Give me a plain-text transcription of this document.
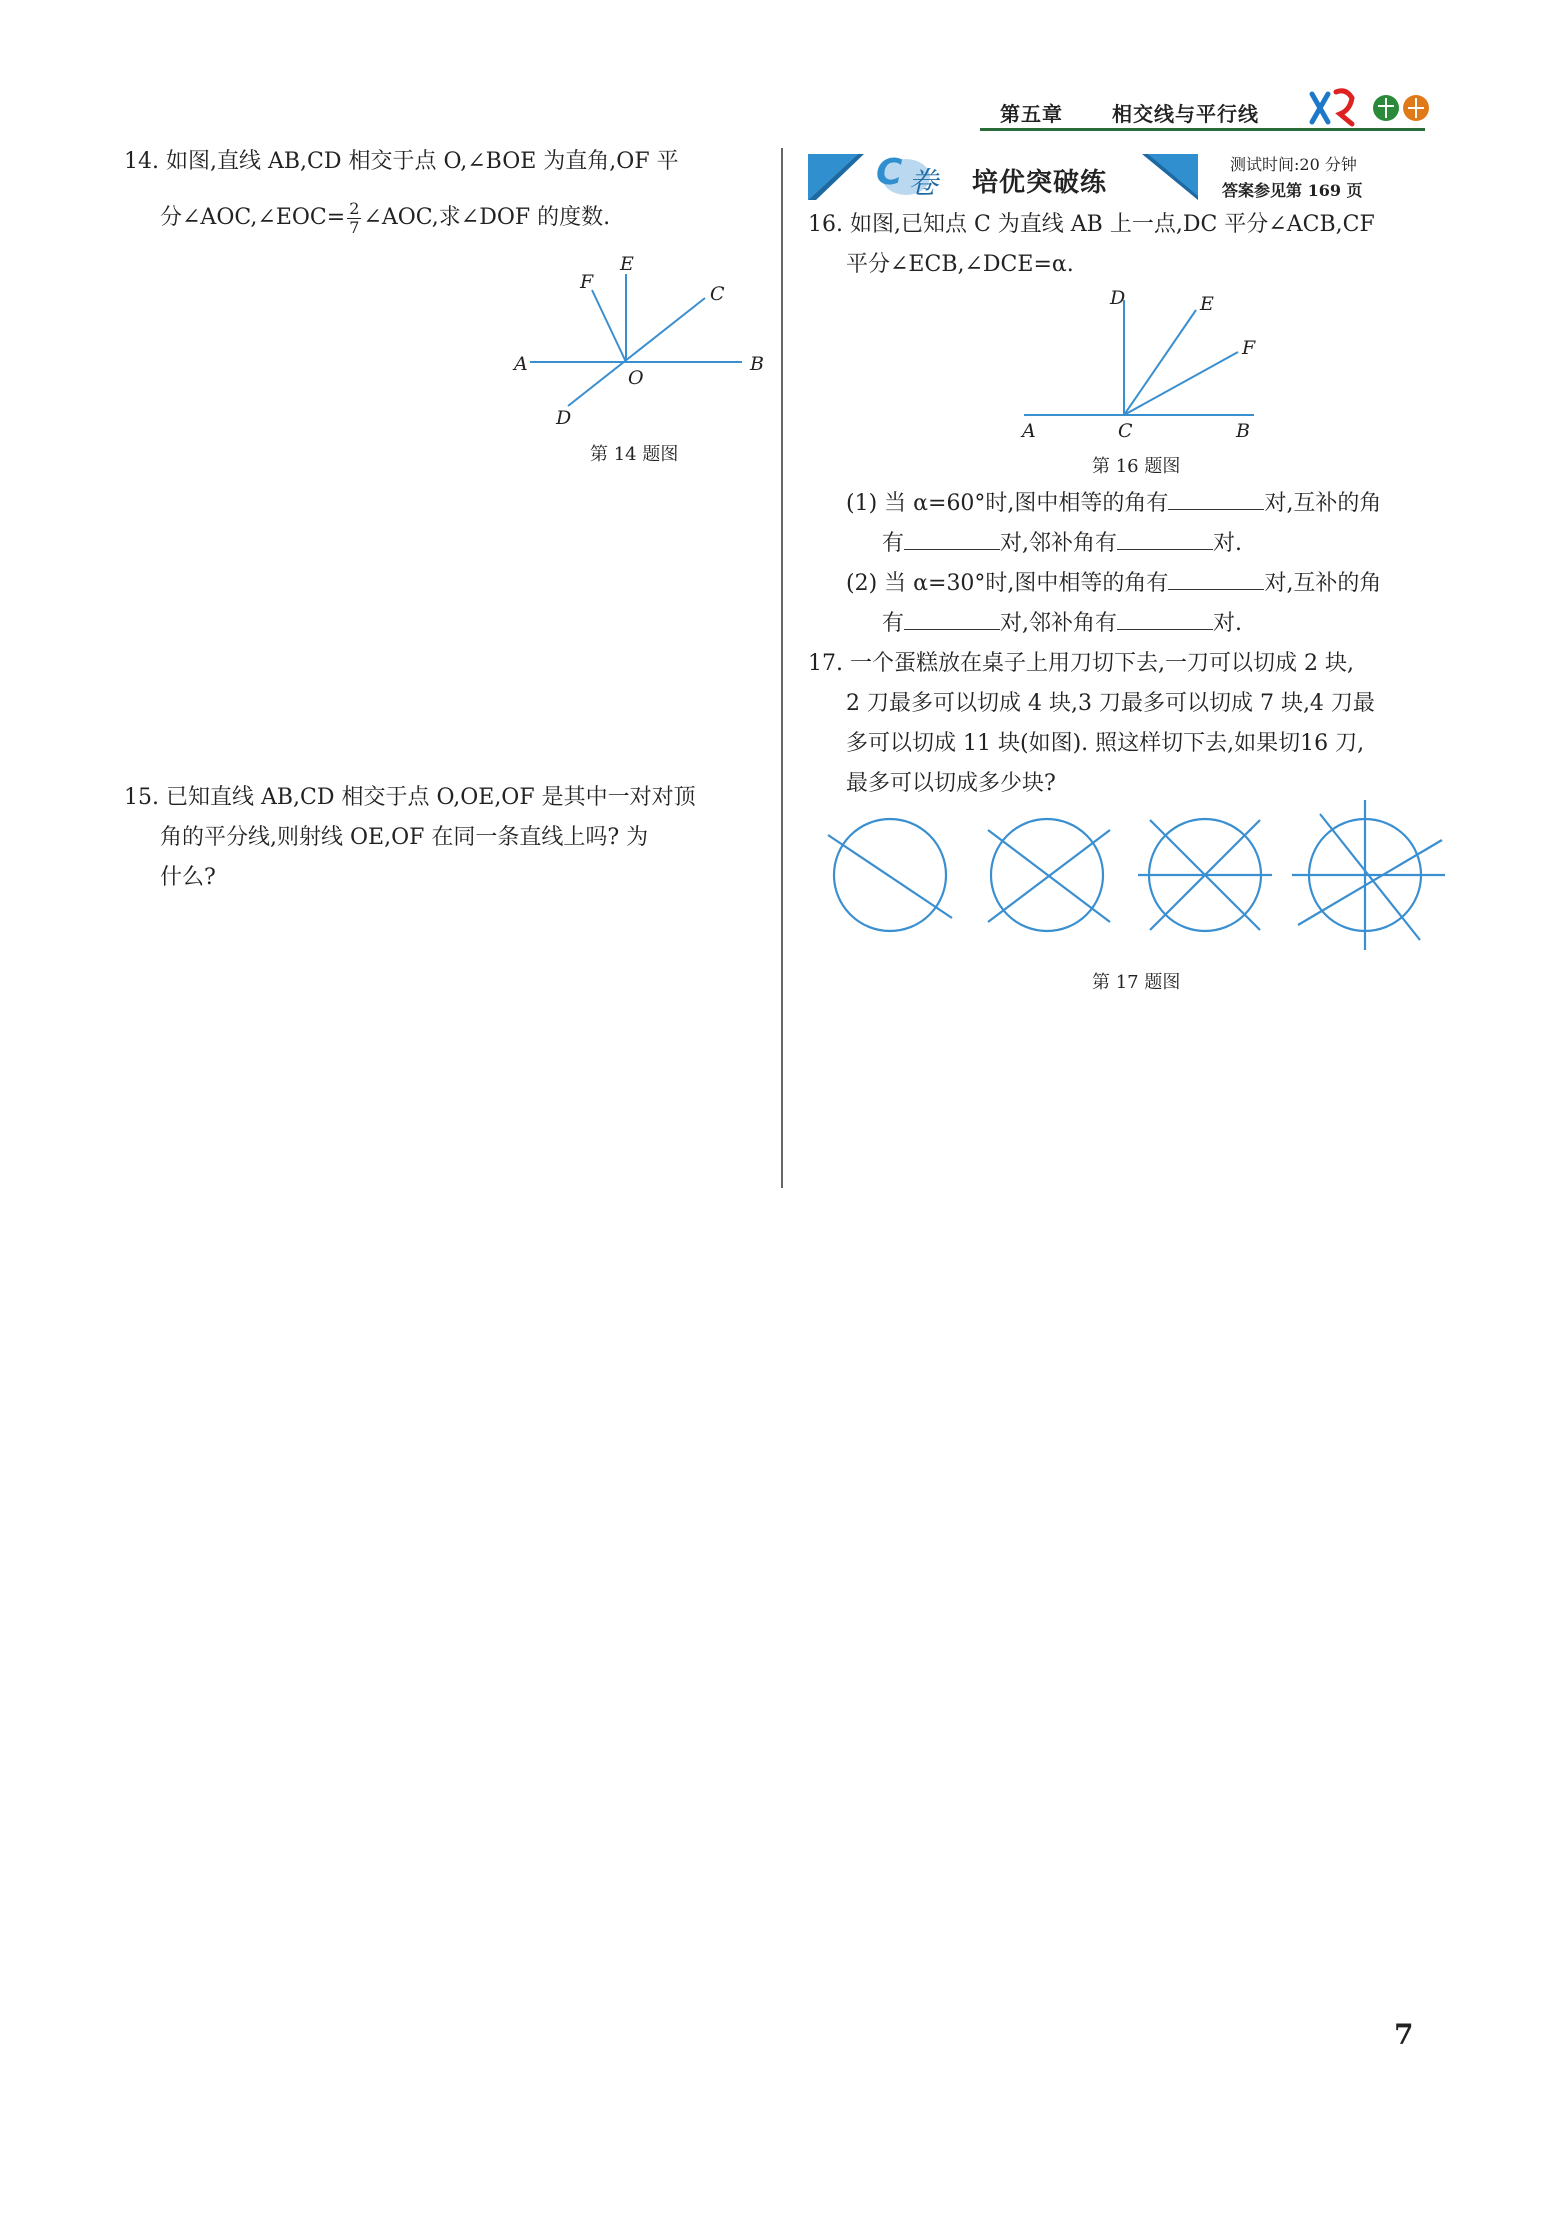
第五章 相交线与平行线
14. 如图,直线 AB,CD 相交于点 O,∠BOE 为直角,OF 平
分∠AOC,∠EOC= $\frac{2}{7}$ ∠AOC,求∠DOF 的度数.
A	B
C
D
E
F
O
第 14 题图
15. 已知直线 AB,CD 相交于点 O,OE,OF 是其中一对对顶
角的平分线,则射线 OE,OF 在同一条直线上吗? 为
什么?
C 卷 培优突破练
测试时间:20 分钟
答案参见第 169 页
16. 如图,已知点 C 为直线 AB 上一点,DC 平分∠ACB,CF
平分∠ECB,∠DCE=α.
A	B
C
D	E
F
第 16 题图
(1) 当 α=60°时,图中相等的角有	对,互补的角
有	对,邻补角有	对.
(2) 当 α=30°时,图中相等的角有	对,互补的角
有	对,邻补角有	对.
17. 一个蛋糕放在桌子上用刀切下去,一刀可以切成 2 块,
2 刀最多可以切成 4 块,3 刀最多可以切成 7 块,4 刀最
多可以切成 11 块(如图). 照这样切下去,如果切16 刀,
最多可以切成多少块?
第 17 题图
7
